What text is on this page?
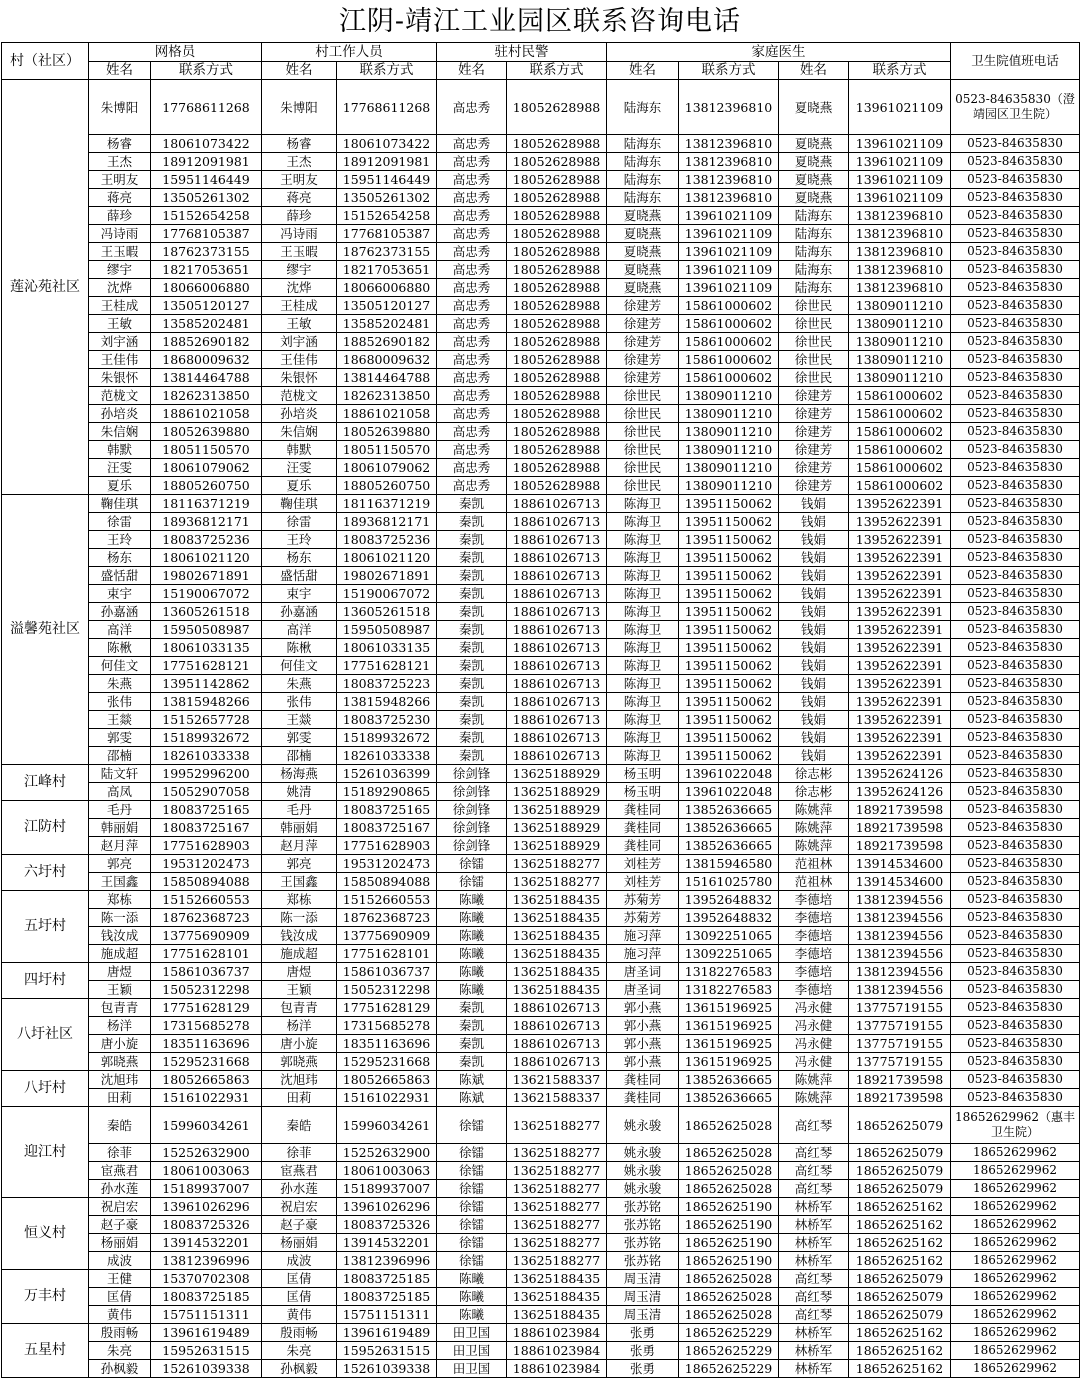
江阴-靖江工业园区联系咨询电话
村（社区）	网格员		村工作人员		驻村民警		家庭医生				卫生院值班电话
	姓名	联系方式	姓名	联系方式	姓名	联系方式	姓名	联系方式	姓名	联系方式	
莲沁苑社区	朱博阳	17768611268	朱博阳	17768611268	高忠秀	18052628988	陆海东	13812396810	夏晓燕	13961021109	0523-84635830（澄靖园区卫生院）
	杨睿	18061073422	杨睿	18061073422	高忠秀	18052628988	陆海东	13812396810	夏晓燕	13961021109	0523-84635830
	王杰	18912091981	王杰	18912091981	高忠秀	18052628988	陆海东	13812396810	夏晓燕	13961021109	0523-84635830
	王明友	15951146449	王明友	15951146449	高忠秀	18052628988	陆海东	13812396810	夏晓燕	13961021109	0523-84635830
	蒋亮	13505261302	蒋亮	13505261302	高忠秀	18052628988	陆海东	13812396810	夏晓燕	13961021109	0523-84635830
	薛珍	15152654258	薛珍	15152654258	高忠秀	18052628988	夏晓燕	13961021109	陆海东	13812396810	0523-84635830
	冯诗雨	17768105387	冯诗雨	17768105387	高忠秀	18052628988	夏晓燕	13961021109	陆海东	13812396810	0523-84635830
	王玉暇	18762373155	王玉暇	18762373155	高忠秀	18052628988	夏晓燕	13961021109	陆海东	13812396810	0523-84635830
	缪宇	18217053651	缪宇	18217053651	高忠秀	18052628988	夏晓燕	13961021109	陆海东	13812396810	0523-84635830
	沈烨	18066006880	沈烨	18066006880	高忠秀	18052628988	夏晓燕	13961021109	陆海东	13812396810	0523-84635830
	王桂成	13505120127	王桂成	13505120127	高忠秀	18052628988	徐建芳	15861000602	徐世民	13809011210	0523-84635830
	王敏	13585202481	王敏	13585202481	高忠秀	18052628988	徐建芳	15861000602	徐世民	13809011210	0523-84635830
	刘宇涵	18852690182	刘宇涵	18852690182	高忠秀	18052628988	徐建芳	15861000602	徐世民	13809011210	0523-84635830
	王佳伟	18680009632	王佳伟	18680009632	高忠秀	18052628988	徐建芳	15861000602	徐世民	13809011210	0523-84635830
	朱银怀	13814464788	朱银怀	13814464788	高忠秀	18052628988	徐建芳	15861000602	徐世民	13809011210	0523-84635830
	范栊文	18262313850	范栊文	18262313850	高忠秀	18052628988	徐世民	13809011210	徐建芳	15861000602	0523-84635830
	孙培炎	18861021058	孙培炎	18861021058	高忠秀	18052628988	徐世民	13809011210	徐建芳	15861000602	0523-84635830
	朱信娴	18052639880	朱信娴	18052639880	高忠秀	18052628988	徐世民	13809011210	徐建芳	15861000602	0523-84635830
	韩默	18051150570	韩默	18051150570	高忠秀	18052628988	徐世民	13809011210	徐建芳	15861000602	0523-84635830
	汪雯	18061079062	汪雯	18061079062	高忠秀	18052628988	徐世民	13809011210	徐建芳	15861000602	0523-84635830
	夏乐	18805260750	夏乐	18805260750	高忠秀	18052628988	徐世民	13809011210	徐建芳	15861000602	0523-84635830
溢馨苑社区	鞠佳琪	18116371219	鞠佳琪	18116371219	秦凯	18861026713	陈海卫	13951150062	钱娟	13952622391	0523-84635830
	徐雷	18936812171	徐雷	18936812171	秦凯	18861026713	陈海卫	13951150062	钱娟	13952622391	0523-84635830
	王玲	18083725236	王玲	18083725236	秦凯	18861026713	陈海卫	13951150062	钱娟	13952622391	0523-84635830
	杨东	18061021120	杨东	18061021120	秦凯	18861026713	陈海卫	13951150062	钱娟	13952622391	0523-84635830
	盛恬甜	19802671891	盛恬甜	19802671891	秦凯	18861026713	陈海卫	13951150062	钱娟	13952622391	0523-84635830
	束宇	15190067072	束宇	15190067072	秦凯	18861026713	陈海卫	13951150062	钱娟	13952622391	0523-84635830
	孙嘉涵	13605261518	孙嘉涵	13605261518	秦凯	18861026713	陈海卫	13951150062	钱娟	13952622391	0523-84635830
	高洋	15950508987	高洋	15950508987	秦凯	18861026713	陈海卫	13951150062	钱娟	13952622391	0523-84635830
	陈楸	18061033135	陈楸	18061033135	秦凯	18861026713	陈海卫	13951150062	钱娟	13952622391	0523-84635830
	何佳文	17751628121	何佳文	17751628121	秦凯	18861026713	陈海卫	13951150062	钱娟	13952622391	0523-84635830
	朱燕	13951142862	朱燕	18083725223	秦凯	18861026713	陈海卫	13951150062	钱娟	13952622391	0523-84635830
	张伟	13815948266	张伟	13815948266	秦凯	18861026713	陈海卫	13951150062	钱娟	13952622391	0523-84635830
	王燚	15152657728	王燚	18083725230	秦凯	18861026713	陈海卫	13951150062	钱娟	13952622391	0523-84635830
	郭雯	15189932672	郭雯	15189932672	秦凯	18861026713	陈海卫	13951150062	钱娟	13952622391	0523-84635830
	邵楠	18261033338	邵楠	18261033338	秦凯	18861026713	陈海卫	13951150062	钱娟	13952622391	0523-84635830
江峰村	陆文轩	19952996200	杨海燕	15261036399	徐剑锋	13625188929	杨玉明	13961022048	徐志彬	13952624126	0523-84635830
	高凤	15052907058	姚清	15189290865	徐剑锋	13625188929	杨玉明	13961022048	徐志彬	13952624126	0523-84635830
江防村	毛丹	18083725165	毛丹	18083725165	徐剑锋	13625188929	龚桂同	13852636665	陈姚萍	18921739598	0523-84635830
	韩丽娟	18083725167	韩丽娟	18083725167	徐剑锋	13625188929	龚桂同	13852636665	陈姚萍	18921739598	0523-84635830
	赵月萍	17751628903	赵月萍	17751628903	徐剑锋	13625188929	龚桂同	13852636665	陈姚萍	18921739598	0523-84635830
六圩村	郭亮	19531202473	郭亮	19531202473	徐镭	13625188277	刘桂芳	13815946580	范祖林	13914534600	0523-84635830
	王国鑫	15850894088	王国鑫	15850894088	徐镭	13625188277	刘桂芳	15161025780	范祖林	13914534600	0523-84635830
五圩村	郑栋	15152660553	郑栋	15152660553	陈曦	13625188435	苏菊芳	13952648832	李德培	13812394556	0523-84635830
	陈一添	18762368723	陈一添	18762368723	陈曦	13625188435	苏菊芳	13952648832	李德培	13812394556	0523-84635830
	钱汝成	13775690909	钱汝成	13775690909	陈曦	13625188435	施习萍	13092251065	李德培	13812394556	0523-84635830
	施成超	17751628101	施成超	17751628101	陈曦	13625188435	施习萍	13092251065	李德培	13812394556	0523-84635830
四圩村	唐煜	15861036737	唐煜	15861036737	陈曦	13625188435	唐圣词	13182276583	李德培	13812394556	0523-84635830
	王颖	15052312298	王颖	15052312298	陈曦	13625188435	唐圣词	13182276583	李德培	13812394556	0523-84635830
八圩社区	包青青	17751628129	包青青	17751628129	秦凯	18861026713	郭小燕	13615196925	冯永健	13775719155	0523-84635830
	杨洋	17315685278	杨洋	17315685278	秦凯	18861026713	郭小燕	13615196925	冯永健	13775719155	0523-84635830
	唐小旋	18351163696	唐小旋	18351163696	秦凯	18861026713	郭小燕	13615196925	冯永健	13775719155	0523-84635830
	郭晓燕	15295231668	郭晓燕	15295231668	秦凯	18861026713	郭小燕	13615196925	冯永健	13775719155	0523-84635830
八圩村	沈旭玮	18052665863	沈旭玮	18052665863	陈斌	13621588337	龚桂同	13852636665	陈姚萍	18921739598	0523-84635830
	田莉	15161022931	田莉	15161022931	陈斌	13621588337	龚桂同	13852636665	陈姚萍	18921739598	0523-84635830
迎江村	秦皓	15996034261	秦皓	15996034261	徐镭	13625188277	姚永骏	18652625028	高红琴	18652625079	18652629962（惠丰卫生院）
	徐菲	15252632900	徐菲	15252632900	徐镭	13625188277	姚永骏	18652625028	高红琴	18652625079	18652629962
	宦燕君	18061003063	宦燕君	18061003063	徐镭	13625188277	姚永骏	18652625028	高红琴	18652625079	18652629962
	孙水莲	15189937007	孙水莲	15189937007	徐镭	13625188277	姚永骏	18652625028	高红琴	18652625079	18652629962
恒义村	祝启宏	13961026296	祝启宏	13961026296	徐镭	13625188277	张苏铭	18652625190	林桥军	18652625162	18652629962
	赵子豪	18083725326	赵子豪	18083725326	徐镭	13625188277	张苏铭	18652625190	林桥军	18652625162	18652629962
	杨丽娟	13914532201	杨丽娟	13914532201	徐镭	13625188277	张苏铭	18652625190	林桥军	18652625162	18652629962
	成波	13812396996	成波	13812396996	徐镭	13625188277	张苏铭	18652625190	林桥军	18652625162	18652629962
万丰村	王健	15370702308	匡倩	18083725185	陈曦	13625188435	周玉清	18652625028	高红琴	18652625079	18652629962
	匡倩	18083725185	匡倩	18083725185	陈曦	13625188435	周玉清	18652625028	高红琴	18652625079	18652629962
	黄伟	15751151311	黄伟	15751151311	陈曦	13625188435	周玉清	18652625028	高红琴	18652625079	18652629962
五星村	殷雨畅	13961619489	殷雨畅	13961619489	田卫国	18861023984	张勇	18652625229	林桥军	18652625162	18652629962
	朱亮	15952631515	朱亮	15952631515	田卫国	18861023984	张勇	18652625229	林桥军	18652625162	18652629962
	孙枫毅	15261039338	孙枫毅	15261039338	田卫国	18861023984	张勇	18652625229	林桥军	18652625162	18652629962
